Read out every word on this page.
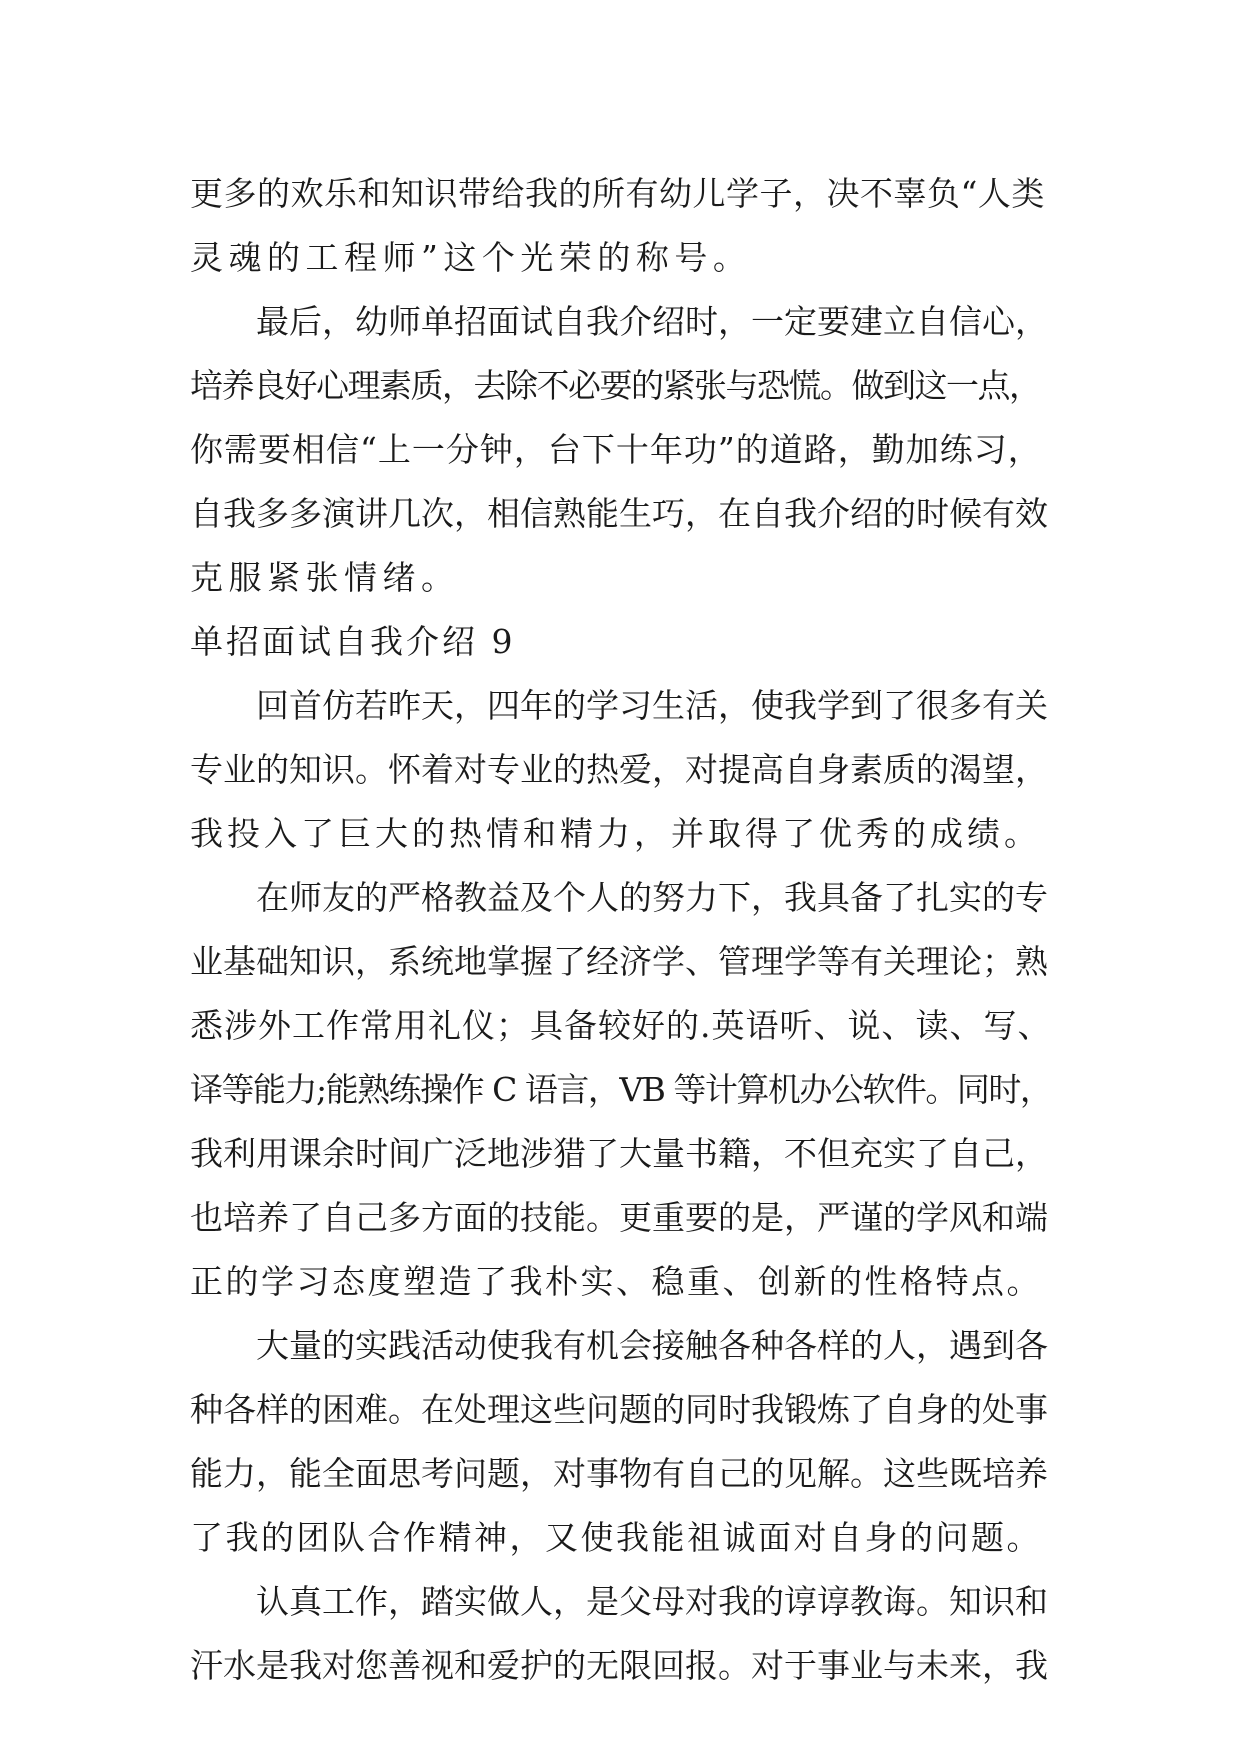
更多的欢乐和知识带给我的所有幼儿学子，决不辜负“人类
灵魂的工程师”这个光荣的称号。
最后，幼师单招面试自我介绍时，一定要建立自信心，
培养良好心理素质，去除不必要的紧张与恐慌。做到这一点，
你需要相信“上一分钟，台下十年功”的道路，勤加练习，
自我多多演讲几次，相信熟能生巧，在自我介绍的时候有效
克服紧张情绪。
单招面试自我介绍 9
回首仿若昨天，四年的学习生活，使我学到了很多有关
专业的知识。怀着对专业的热爱，对提高自身素质的渴望，
我投入了巨大的热情和精力，并取得了优秀的成绩。
在师友的严格教益及个人的努力下，我具备了扎实的专
业基础知识，系统地掌握了经济学、管理学等有关理论；熟
悉涉外工作常用礼仪；具备较好的.英语听、说、读、写、
译等能力;能熟练操作 C 语言，VB 等计算机办公软件。同时，
我利用课余时间广泛地涉猎了大量书籍，不但充实了自己，
也培养了自己多方面的技能。更重要的是，严谨的学风和端
正的学习态度塑造了我朴实、稳重、创新的性格特点。
大量的实践活动使我有机会接触各种各样的人，遇到各
种各样的困难。在处理这些问题的同时我锻炼了自身的处事
能力，能全面思考问题，对事物有自己的见解。这些既培养
了我的团队合作精神，又使我能祖诚面对自身的问题。
认真工作，踏实做人，是父母对我的谆谆教诲。知识和
汗水是我对您善视和爱护的无限回报。对于事业与未来，我
